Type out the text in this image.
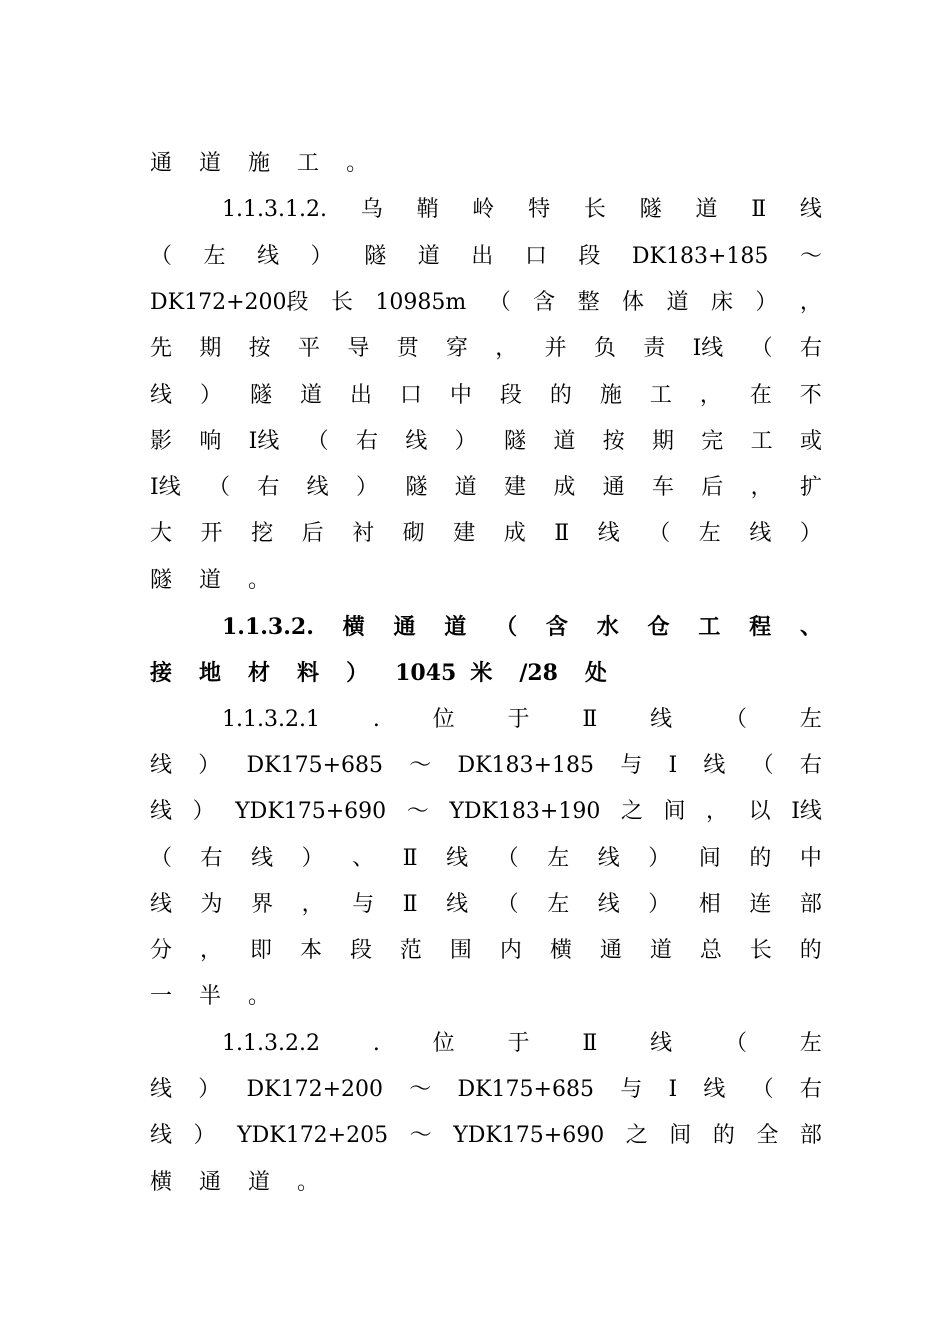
通 道 施 工 。
1.1.3.1.2. 乌 鞘 岭 特 长 隧 道 Ⅱ 线
（ 左 线 ） 隧 道 出 口 段 DK183+185 ～
DK172+200段 长 10985m （ 含 整 体 道 床 ） ，
先 期 按 平 导 贯 穿 ， 并 负 责 Ⅰ线 （ 右
线 ） 隧 道 出 口 中 段 的 施 工 ， 在 不
影 响 Ⅰ线 （ 右 线 ） 隧 道 按 期 完 工 或
Ⅰ线 （ 右 线 ） 隧 道 建 成 通 车 后 ， 扩
大 开 挖 后 衬 砌 建 成 Ⅱ 线 （ 左 线 ）
隧 道 。
1.1.3.2. 横 通 道 （ 含 水 仓 工 程 、
接 地 材 料 ） 1045 米 /28 处
1.1.3.2.1 . 位 于 Ⅱ 线 （ 左
线 ） DK175+685 ～ DK183+185 与 Ⅰ 线 （ 右
线 ） YDK175+690 ～ YDK183+190 之 间 ， 以 Ⅰ线
（ 右 线 ） 、 Ⅱ 线 （ 左 线 ） 间 的 中
线 为 界 ， 与 Ⅱ 线 （ 左 线 ） 相 连 部
分 ， 即 本 段 范 围 内 横 通 道 总 长 的
一 半 。
1.1.3.2.2 . 位 于 Ⅱ 线 （ 左
线 ） DK172+200 ～ DK175+685 与 Ⅰ 线 （ 右
线 ） YDK172+205 ～ YDK175+690 之 间 的 全 部
横 通 道 。
